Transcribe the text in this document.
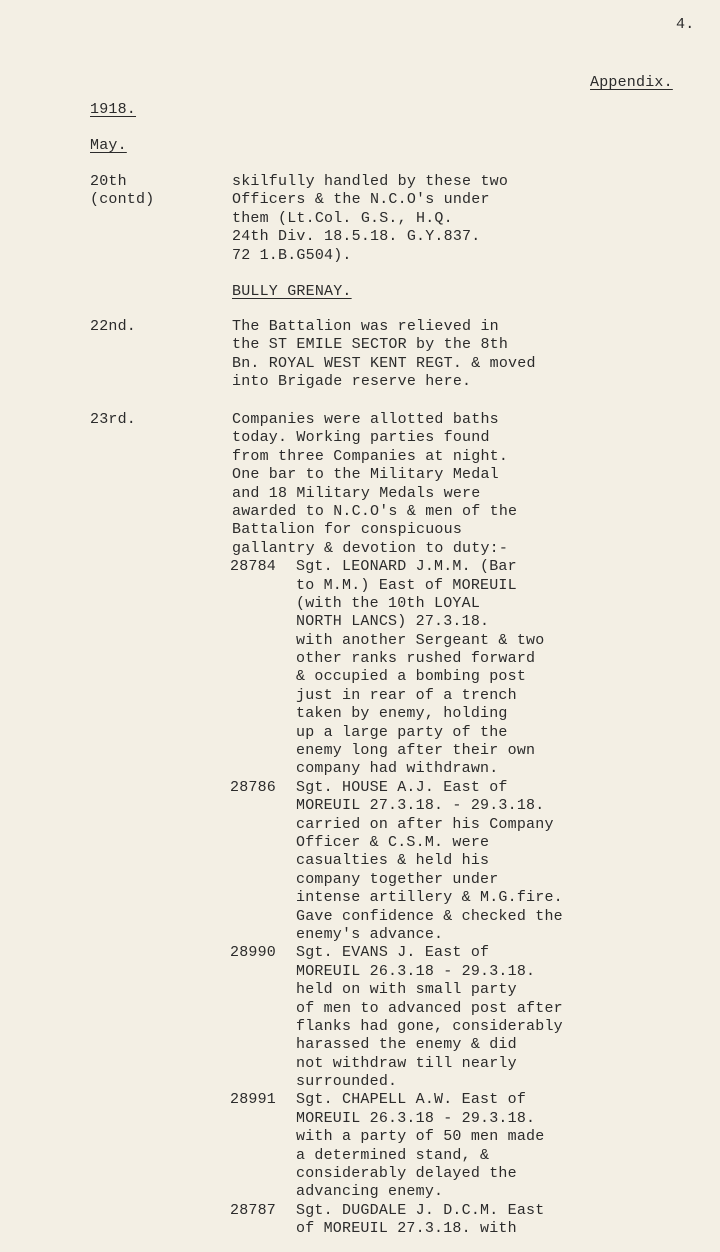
4.
Appendix.
1918.
May.
20th
(contd)
skilfully handled by these two
Officers & the N.C.O's under
them (Lt.Col. G.S., H.Q.
24th Div. 18.5.18. G.Y.837.
72 1.B.G504).
BULLY GRENAY.
22nd.	The Battalion was relieved in
the ST EMILE SECTOR by the 8th
Bn. ROYAL WEST KENT REGT. & moved
into Brigade reserve here.
23rd.	Companies were allotted baths
today. Working parties found
from three Companies at night.
One bar to the Military Medal
and 18 Military Medals were
awarded to N.C.O's & men of the
Battalion for conspicuous
gallantry & devotion to duty:-
28784 Sgt. LEONARD J.M.M. (Bar
to M.M.) East of MOREUIL
(with the 10th LOYAL
NORTH LANCS) 27.3.18.
with another Sergeant & two
other ranks rushed forward
& occupied a bombing post
just in rear of a trench
taken by enemy, holding
up a large party of the
enemy long after their own
company had withdrawn.
28786 Sgt. HOUSE A.J. East of
MOREUIL 27.3.18. - 29.3.18.
carried on after his Company
Officer & C.S.M. were
casualties & held his
company together under
intense artillery & M.G.fire.
Gave confidence & checked the
enemy's advance.
28990 Sgt. EVANS J. East of
MOREUIL 26.3.18 - 29.3.18.
held on with small party
of men to advanced post after
flanks had gone, considerably
harassed the enemy & did
not withdraw till nearly
surrounded.
28991 Sgt. CHAPELL A.W. East of
MOREUIL 26.3.18 - 29.3.18.
with a party of 50 men made
a determined stand, &
considerably delayed the
advancing enemy.
28787 Sgt. DUGDALE J. D.C.M. East
of MOREUIL 27.3.18. with
